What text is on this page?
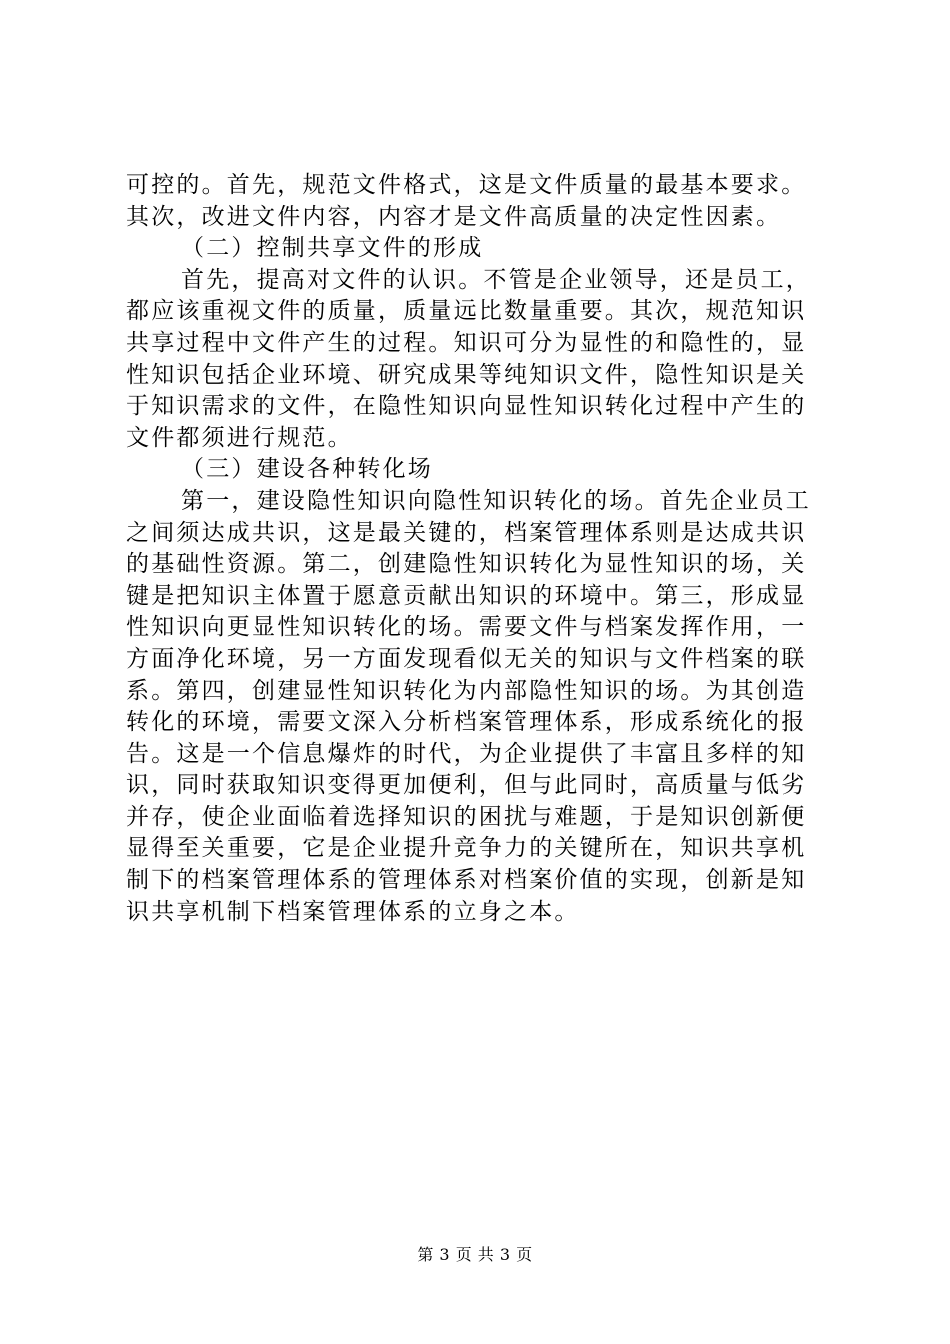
可控的。首先，规范文件格式，这是文件质量的最基本要求。
其次，改进文件内容，内容才是文件高质量的决定性因素。
（二）控制共享文件的形成
首先，提高对文件的认识。不管是企业领导，还是员工，
都应该重视文件的质量，质量远比数量重要。其次，规范知识
共享过程中文件产生的过程。知识可分为显性的和隐性的，显
性知识包括企业环境、研究成果等纯知识文件，隐性知识是关
于知识需求的文件，在隐性知识向显性知识转化过程中产生的
文件都须进行规范。
（三）建设各种转化场
第一，建设隐性知识向隐性知识转化的场。首先企业员工
之间须达成共识，这是最关键的，档案管理体系则是达成共识
的基础性资源。第二，创建隐性知识转化为显性知识的场，关
键是把知识主体置于愿意贡献出知识的环境中。第三，形成显
性知识向更显性知识转化的场。需要文件与档案发挥作用，一
方面净化环境，另一方面发现看似无关的知识与文件档案的联
系。第四，创建显性知识转化为内部隐性知识的场。为其创造
转化的环境，需要文深入分析档案管理体系，形成系统化的报
告。这是一个信息爆炸的时代，为企业提供了丰富且多样的知
识，同时获取知识变得更加便利，但与此同时，高质量与低劣
并存，使企业面临着选择知识的困扰与难题，于是知识创新便
显得至关重要，它是企业提升竞争力的关键所在，知识共享机
制下的档案管理体系的管理体系对档案价值的实现，创新是知
识共享机制下档案管理体系的立身之本。
第 3 页 共 3 页
